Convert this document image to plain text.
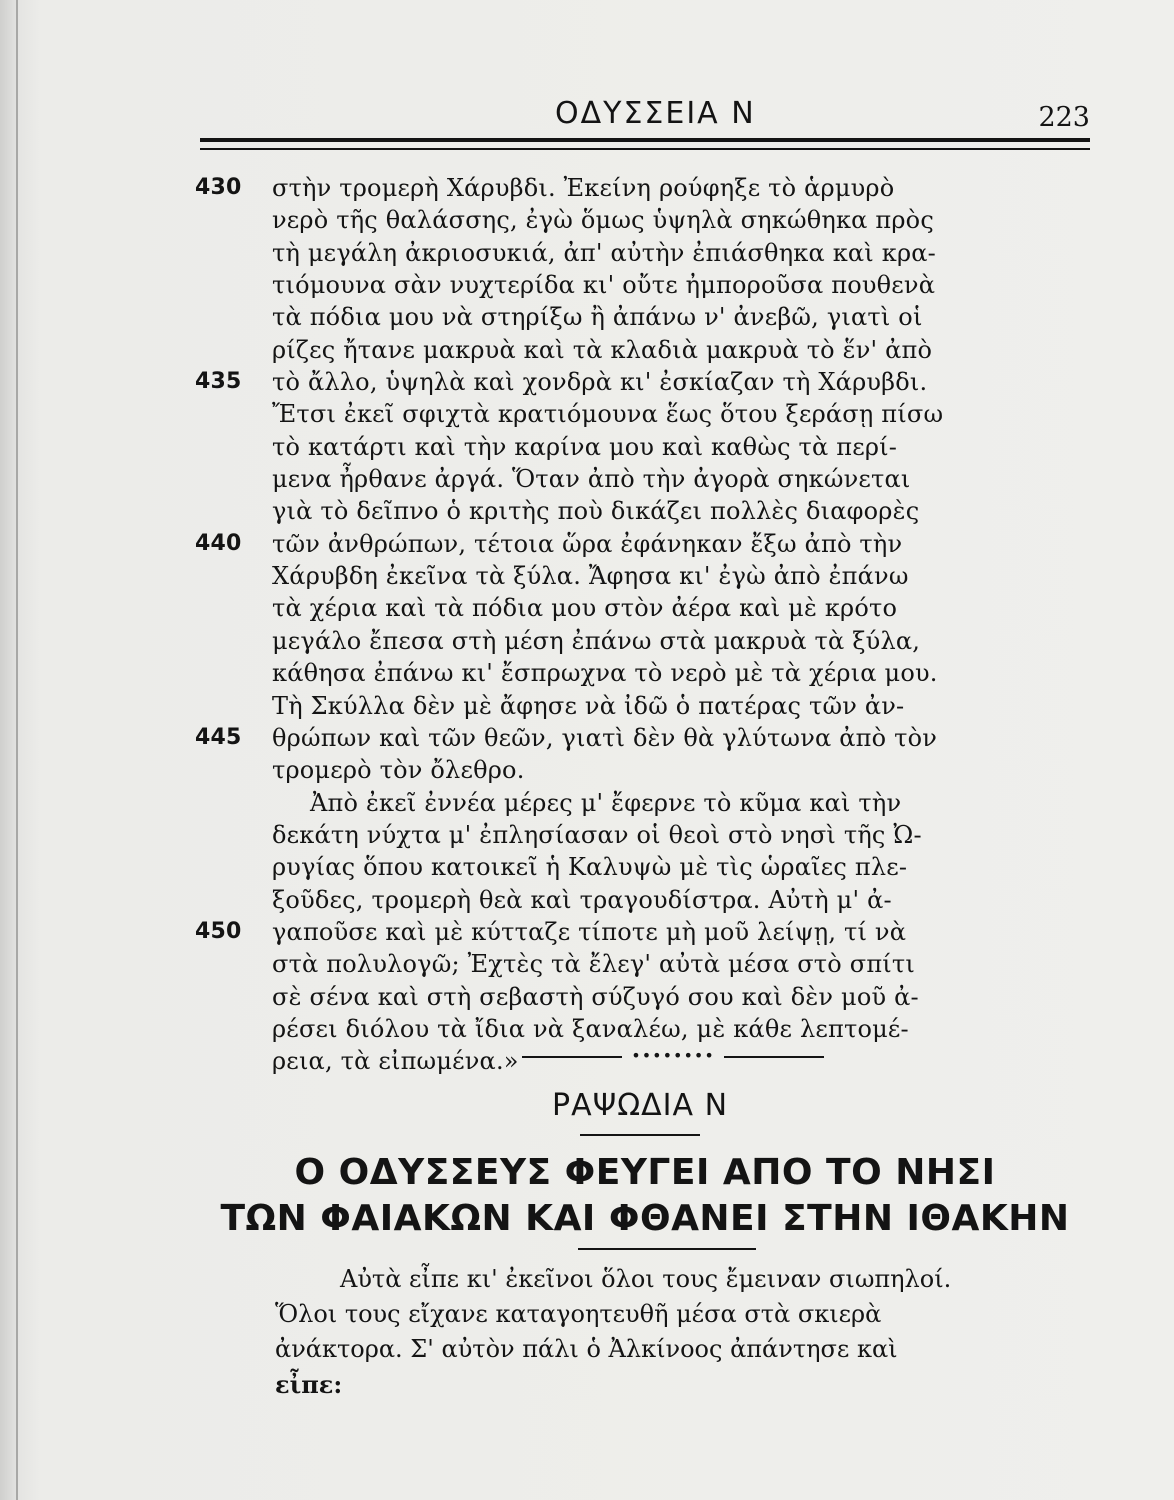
ΟΔΥΣΣΕΙΑ Ν	223
430	στὴν τρομερὴ Χάρυβδι. Ἐκείνη ρούφηξε τὸ ἁρμυρὸ
νερὸ τῆς θαλάσσης, ἐγὼ ὅμως ὑψηλὰ σηκώθηκα πρὸς
τὴ μεγάλη ἀκριοσυκιά, ἀπ' αὐτὴν ἐπιάσθηκα καὶ κρα-
τιόμουνα σὰν νυχτερίδα κι' οὔτε ἠμποροῦσα πουθενὰ
τὰ πόδια μου νὰ στηρίξω ἢ ἀπάνω ν' ἀνεβῶ, γιατὶ οἱ
ρίζες ἤτανε μακρυὰ καὶ τὰ κλαδιὰ μακρυὰ τὸ ἕν' ἀπὸ
435	τὸ ἄλλο, ὑψηλὰ καὶ χονδρὰ κι' ἐσκίαζαν τὴ Χάρυβδι.
Ἔτσι ἐκεῖ σφιχτὰ κρατιόμουνα ἕως ὅτου ξεράσῃ πίσω
τὸ κατάρτι καὶ τὴν καρίνα μου καὶ καθὼς τὰ περί-
μενα ἦρθανε ἀργά. Ὅταν ἀπὸ τὴν ἀγορὰ σηκώνεται
γιὰ τὸ δεῖπνο ὁ κριτὴς ποὺ δικάζει πολλὲς διαφορὲς
440	τῶν ἀνθρώπων, τέτοια ὥρα ἐφάνηκαν ἔξω ἀπὸ τὴν
Χάρυβδη ἐκεῖνα τὰ ξύλα. Ἄφησα κι' ἐγὼ ἀπὸ ἐπάνω
τὰ χέρια καὶ τὰ πόδια μου στὸν ἀέρα καὶ μὲ κρότο
μεγάλο ἔπεσα στὴ μέση ἐπάνω στὰ μακρυὰ τὰ ξύλα,
κάθησα ἐπάνω κι' ἔσπρωχνα τὸ νερὸ μὲ τὰ χέρια μου.
Τὴ Σκύλλα δὲν μὲ ἄφησε νὰ ἰδῶ ὁ πατέρας τῶν ἀν-
445	θρώπων καὶ τῶν θεῶν, γιατὶ δὲν θὰ γλύτωνα ἀπὸ τὸν
τρομερὸ τὸν ὄλεθρο.
Ἀπὸ ἐκεῖ ἐννέα μέρες μ' ἔφερνε τὸ κῦμα καὶ τὴν
δεκάτη νύχτα μ' ἐπλησίασαν οἱ θεοὶ στὸ νησὶ τῆς Ὠ-
ρυγίας ὅπου κατοικεῖ ἡ Καλυψὼ μὲ τὶς ὡραῖες πλε-
ξοῦδες, τρομερὴ θεὰ καὶ τραγουδίστρα. Αὐτὴ μ' ἀ-
450	γαποῦσε καὶ μὲ κύτταζε τίποτε μὴ μοῦ λείψῃ, τί νὰ
στὰ πολυλογῶ; Ἐχτὲς τὰ ἔλεγ' αὐτὰ μέσα στὸ σπίτι
σὲ σένα καὶ στὴ σεβαστὴ σύζυγό σου καὶ δὲν μοῦ ἀ-
ρέσει διόλου τὰ ἴδια νὰ ξαναλέω, μὲ κάθε λεπτομέ-
ρεια, τὰ εἰπωμένα.»	••••••••
ΡΑΨΩΔΙΑ Ν
Ο ΟΔΥΣΣΕΥΣ ΦΕΥΓΕΙ ΑΠΟ ΤΟ ΝΗΣΙ
ΤΩΝ ΦΑΙΑΚΩΝ ΚΑΙ ΦΘΑΝΕΙ ΣΤΗΝ ΙΘΑΚΗΝ
Αὐτὰ εἶπε κι' ἐκεῖνοι ὅλοι τους ἔμειναν σιωπηλοί.
Ὅλοι τους εἴχανε καταγοητευθῆ μέσα στὰ σκιερὰ
ἀνάκτορα. Σ' αὐτὸν πάλι ὁ Ἀλκίνοος ἀπάντησε καὶ
εἶπε:
